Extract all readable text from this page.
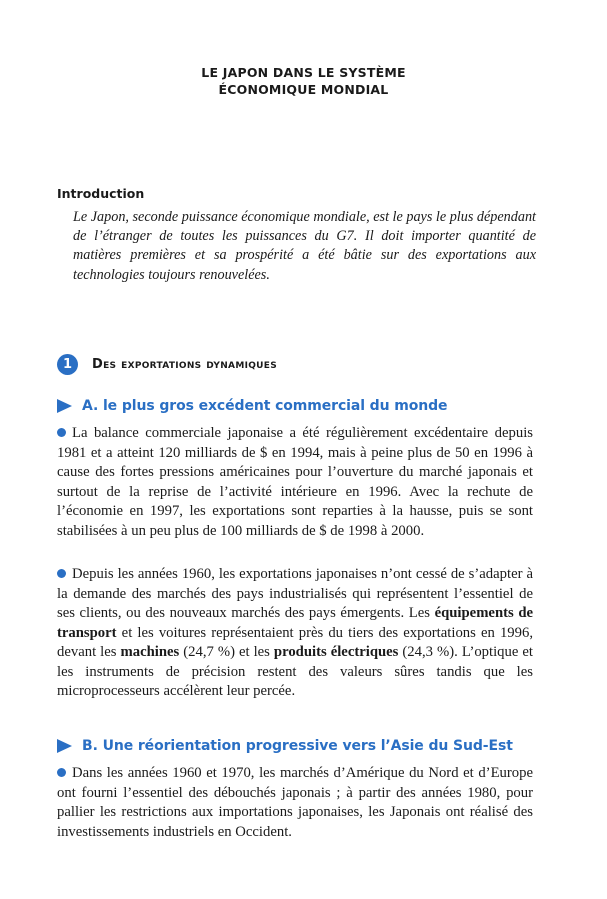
LE JAPON DANS LE SYSTÈME
ÉCONOMIQUE MONDIAL
Introduction
Le Japon, seconde puissance économique mondiale, est le pays le plus dépendant de l’étranger de toutes les puissances du G7. Il doit importer quantité de matières premières et sa prospérité a été bâtie sur des exportations aux technologies toujours renouvelées.
1	Des exportations dynamiques
A. le plus gros excédent commercial du monde
La balance commerciale japonaise a été régulièrement excédentaire depuis 1981 et a atteint 120 milliards de $ en 1994, mais à peine plus de 50 en 1996 à cause des fortes pressions américaines pour l’ouverture du marché japonais et surtout de la reprise de l’activité intérieure en 1996. Avec la rechute de l’économie en 1997, les exportations sont reparties à la hausse, puis se sont stabilisées à un peu plus de 100 milliards de $ de 1998 à 2000.
Depuis les années 1960, les exportations japonaises n’ont cessé de s’adapter à la demande des marchés des pays industrialisés qui représentent l’essentiel de ses clients, ou des nouveaux marchés des pays émergents. Les équipements de transport et les voitures représentaient près du tiers des exportations en 1996, devant les machines (24,7 %) et les produits électriques (24,3 %). L’optique et les instruments de précision restent des valeurs sûres tandis que les microprocesseurs accélèrent leur percée.
B. Une réorientation progressive vers l’Asie du Sud-Est
Dans les années 1960 et 1970, les marchés d’Amérique du Nord et d’Europe ont fourni l’essentiel des débouchés japonais ; à partir des années 1980, pour pallier les restrictions aux importations japonaises, les Japonais ont réalisé des investissements industriels en Occident.
